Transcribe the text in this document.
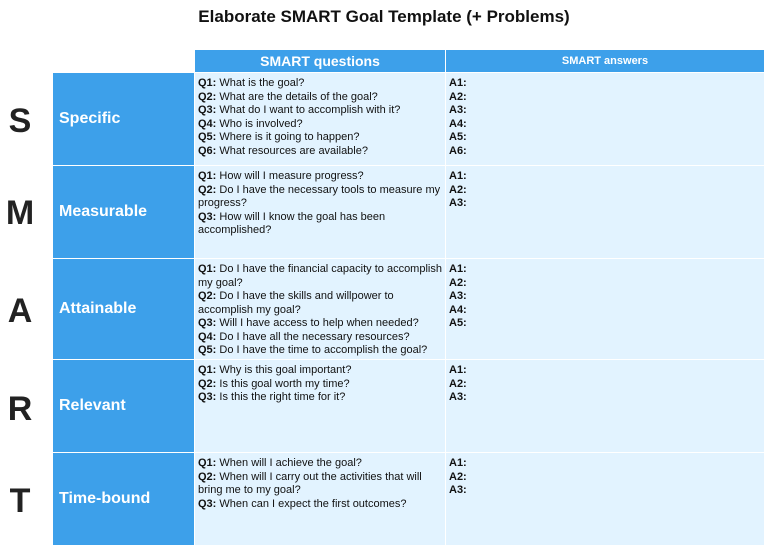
Elaborate SMART Goal Template (+ Problems)
S
M
A
R
T
SMART questions	SMART answers
Specific
Q1: What is the goal?
Q2: What are the details of the goal?
Q3: What do I want to accomplish with it?
Q4: Who is involved?
Q5: Where is it going to happen?
Q6: What resources are available?
A1:
A2:
A3:
A4:
A5:
A6:
Measurable
Q1: How will I measure progress?
Q2: Do I have the necessary tools to measure my progress?
Q3: How will I know the goal has been accomplished?
A1:
A2:
A3:
Attainable
Q1: Do I have the financial capacity to accomplish my goal?
Q2: Do I have the skills and willpower to accomplish my goal?
Q3: Will I have access to help when needed?
Q4: Do I have all the necessary resources?
Q5: Do I have the time to accomplish the goal?
A1:
A2:
A3:
A4:
A5:
Relevant
Q1: Why is this goal important?
Q2: Is this goal worth my time?
Q3: Is this the right time for it?
A1:
A2:
A3:
Time-bound
Q1: When will I achieve the goal?
Q2: When will I carry out the activities that will bring me to my goal?
Q3: When can I expect the first outcomes?
A1:
A2:
A3:
